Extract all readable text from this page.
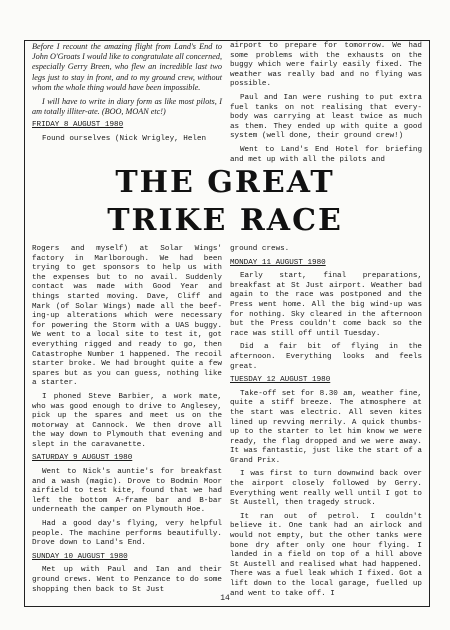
Before I recount the amazing flight from Land's End to John O'Groats I would like to congratulate all concerned, especially Gerry Breen, who flew an incredible last two legs just to stay in front, and to my ground crew, without whom the whole thing would have been impossible.

I will have to write in diary form as like most pilots, I am totally illiter-ate. (BOO, MOAN etc!)

FRIDAY 8 AUGUST 1980

Found ourselves (Nick Wrigley, Helen

airport to prepare for tomorrow. We had some problems with the exhausts on the buggy which were fairly easily fixed. The weather was really bad and no flying was possible.

Paul and Ian were rushing to put extra fuel tanks on not realising that every-body was carrying at least twice as much as them. They ended up with quite a good system (well done, their ground crew!)

Went to Land's End Hotel for briefing and met up with all the pilots and

THE GREAT
TRIKE RACE

Rogers and myself) at Solar Wings' factory in Marlborough. We had been trying to get sponsors to help us with the expenses but to no avail. Suddenly contact was made with Good Year and things started moving. Dave, Cliff and Mark (of Solar Wings) made all the beef-ing-up alterations which were necessary for powering the Storm with a UAS buggy. We went to a local site to test it, got everything rigged and ready to go, then Catastrophe Number 1 happened. The recoil starter broke. We had brought quite a few spares but as you can guess, nothing like a starter.

I phoned Steve Barbier, a work mate, who was good enough to drive to Anglesey, pick up the spares and meet us on the motorway at Cannock. We then drove all the way down to Plymouth that evening and slept in the caravanette.

SATURDAY 9 AUGUST 1980

Went to Nick's auntie's for breakfast and a wash (magic). Drove to Bodmin Moor airfield to test kite, found that we had left the bottom A-frame bar and B-bar underneath the camper on Plymouth Hoe.

Had a good day's flying, very helpful people. The machine performs beautifully. Drove down to Land's End.

SUNDAY 10 AUGUST 1980

Met up with Paul and Ian and their ground crews. Went to Penzance to do some shopping then back to St Just

ground crews.

MONDAY 11 AUGUST 1980

Early start, final preparations, breakfast at St Just airport. Weather bad again to the race was postponed and the Press went home. All the big wind-up was for nothing. Sky cleared in the afternoon but the Press couldn't come back so the race was still off until Tuesday.

Did a fair bit of flying in the afternoon. Everything looks and feels great.

TUESDAY 12 AUGUST 1980

Take-off set for 8.30 am, weather fine, quite a stiff breeze. The atmosphere at the start was electric. All seven kites lined up revving merrily. A quick thumbs-up to the starter to let him know we were ready, the flag dropped and we were away. It was fantastic, just like the start of a Grand Prix.

I was first to turn downwind back over the airport closely followed by Gerry. Everything went really well until I got to St Austell, then tragedy struck.

It ran out of petrol. I couldn't believe it. One tank had an airlock and would not empty, but the other tanks were bone dry after only one hour flying. I landed in a field on top of a hill above St Austell and realised what had happened. There was a fuel leak which I fixed. Got a lift down to the local garage, fuelled up and went to take off. I

14
